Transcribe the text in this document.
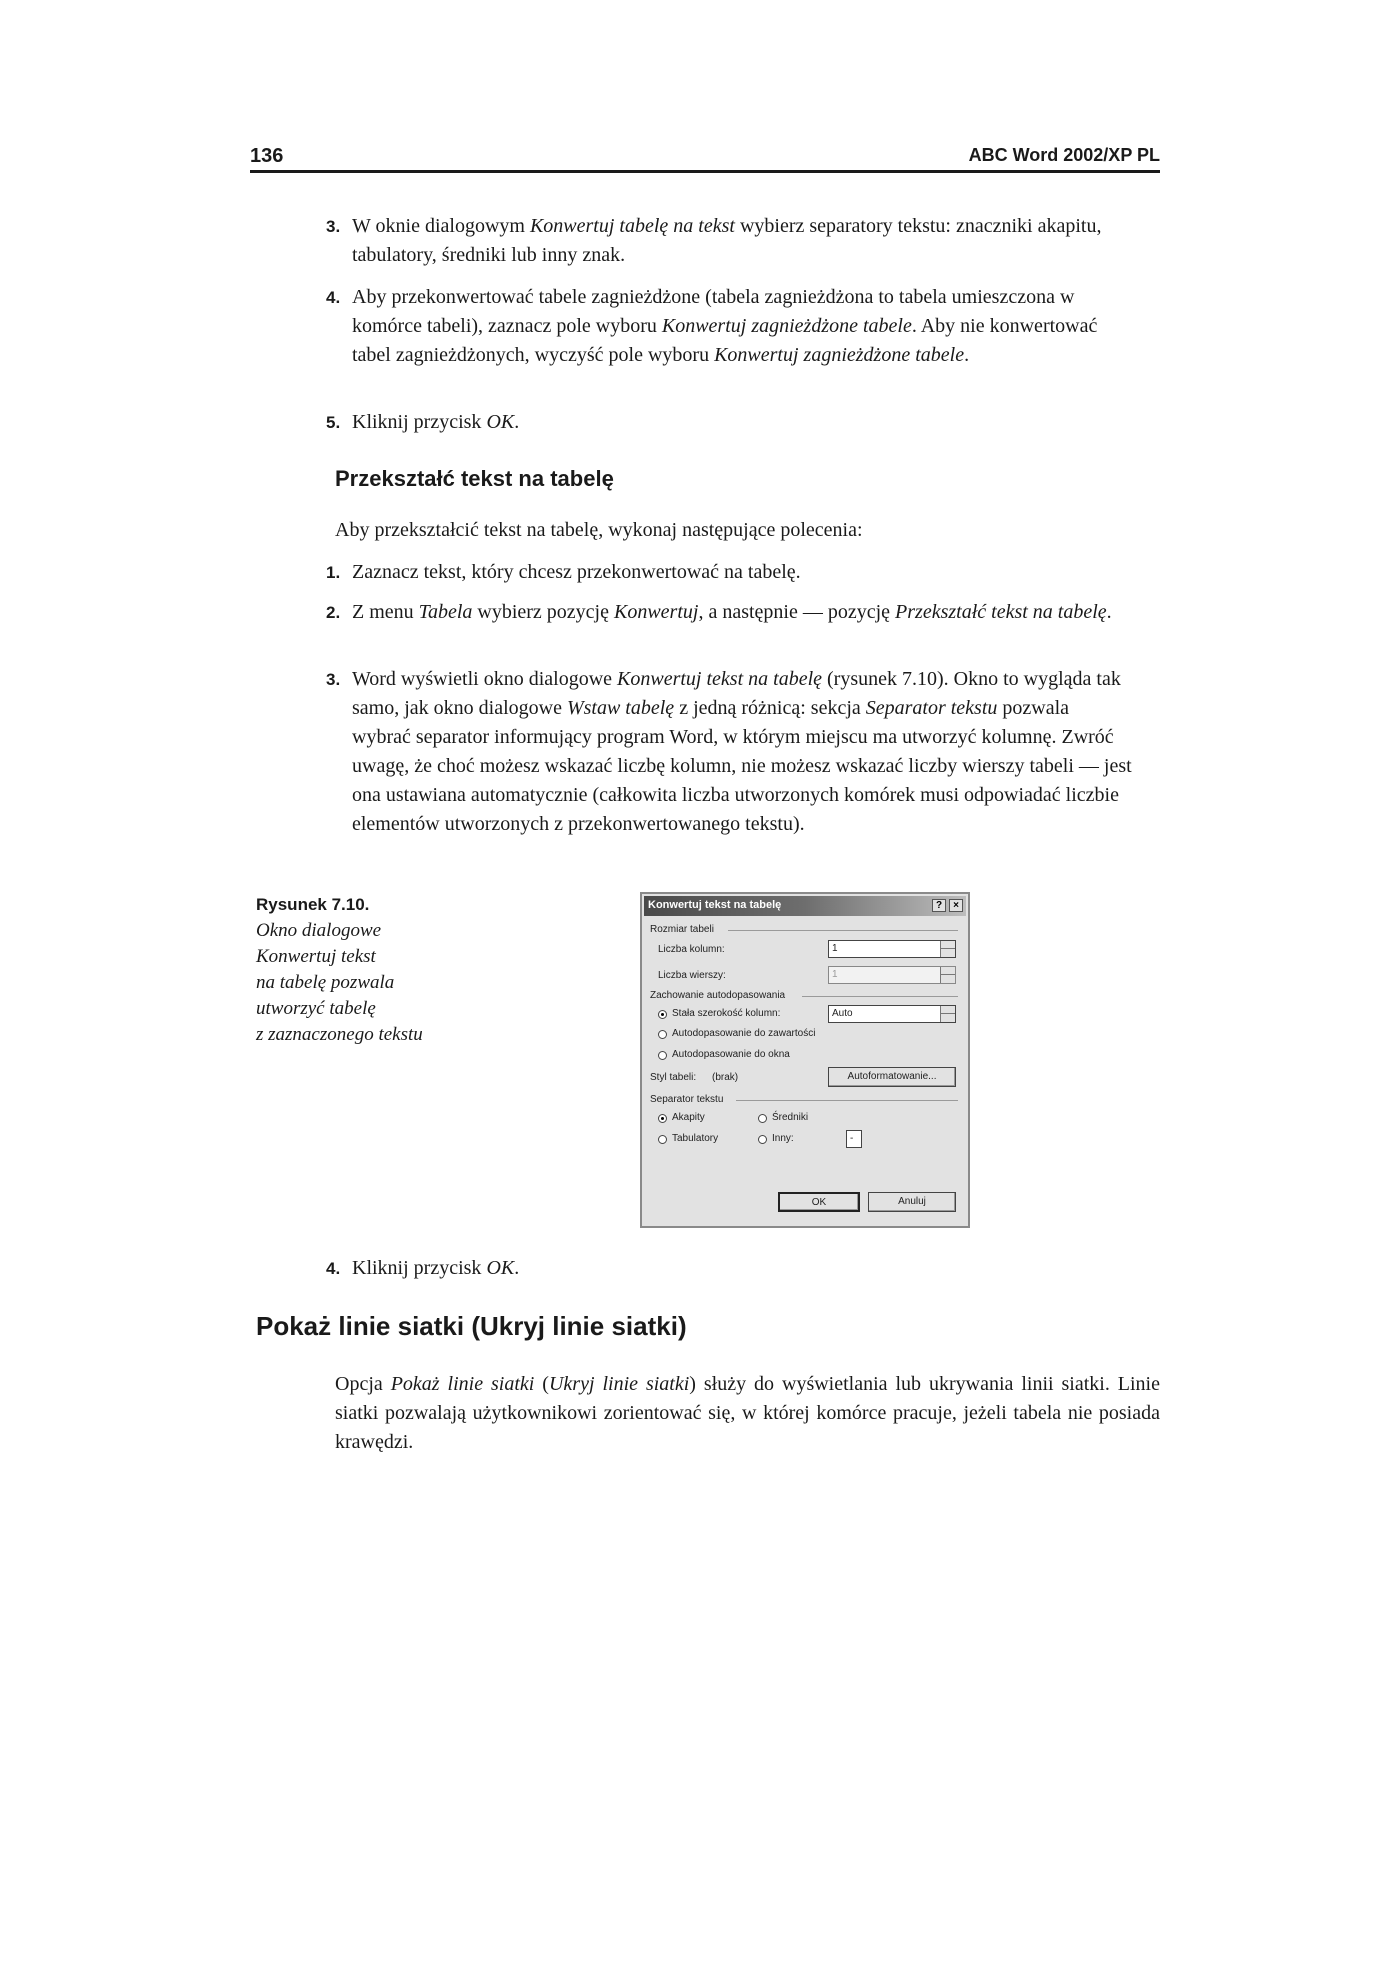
136	ABC Word 2002/XP PL
3. W oknie dialogowym Konwertuj tabelę na tekst wybierz separatory tekstu: znaczniki akapitu, tabulatory, średniki lub inny znak.
4. Aby przekonwertować tabele zagnieżdżone (tabela zagnieżdżona to tabela umieszczona w komórce tabeli), zaznacz pole wyboru Konwertuj zagnieżdżone tabele. Aby nie konwertować tabel zagnieżdżonych, wyczyść pole wyboru Konwertuj zagnieżdżone tabele.
5. Kliknij przycisk OK.
Przekształć tekst na tabelę
Aby przekształcić tekst na tabelę, wykonaj następujące polecenia:
1. Zaznacz tekst, który chcesz przekonwertować na tabelę.
2. Z menu Tabela wybierz pozycję Konwertuj, a następnie — pozycję Przekształć tekst na tabelę.
3. Word wyświetli okno dialogowe Konwertuj tekst na tabelę (rysunek 7.10). Okno to wygląda tak samo, jak okno dialogowe Wstaw tabelę z jedną różnicą: sekcja Separator tekstu pozwala wybrać separator informujący program Word, w którym miejscu ma utworzyć kolumnę. Zwróć uwagę, że choć możesz wskazać liczbę kolumn, nie możesz wskazać liczby wierszy tabeli — jest ona ustawiana automatycznie (całkowita liczba utworzonych komórek musi odpowiadać liczbie elementów utworzonych z przekonwertowanego tekstu).
Rysunek 7.10.
Okno dialogowe
Konwertuj tekst
na tabelę pozwala
utworzyć tabelę
z zaznaczonego tekstu
Konwertuj tekst na tabelę	?	×
Rozmiar tabeli
Liczba kolumn:	1
Liczba wierszy:	1
Zachowanie autodopasowania
Stała szerokość kolumn:	Auto
Autodopasowanie do zawartości
Autodopasowanie do okna
Styl tabeli: (brak)	Autoformatowanie...
Separator tekstu
Akapity	Średniki
Tabulatory	Inny:	-
OK	Anuluj
4. Kliknij przycisk OK.
Pokaż linie siatki (Ukryj linie siatki)
Opcja Pokaż linie siatki (Ukryj linie siatki) służy do wyświetlania lub ukrywania linii siatki. Linie siatki pozwalają użytkownikowi zorientować się, w której komórce pracuje, jeżeli tabela nie posiada krawędzi.
